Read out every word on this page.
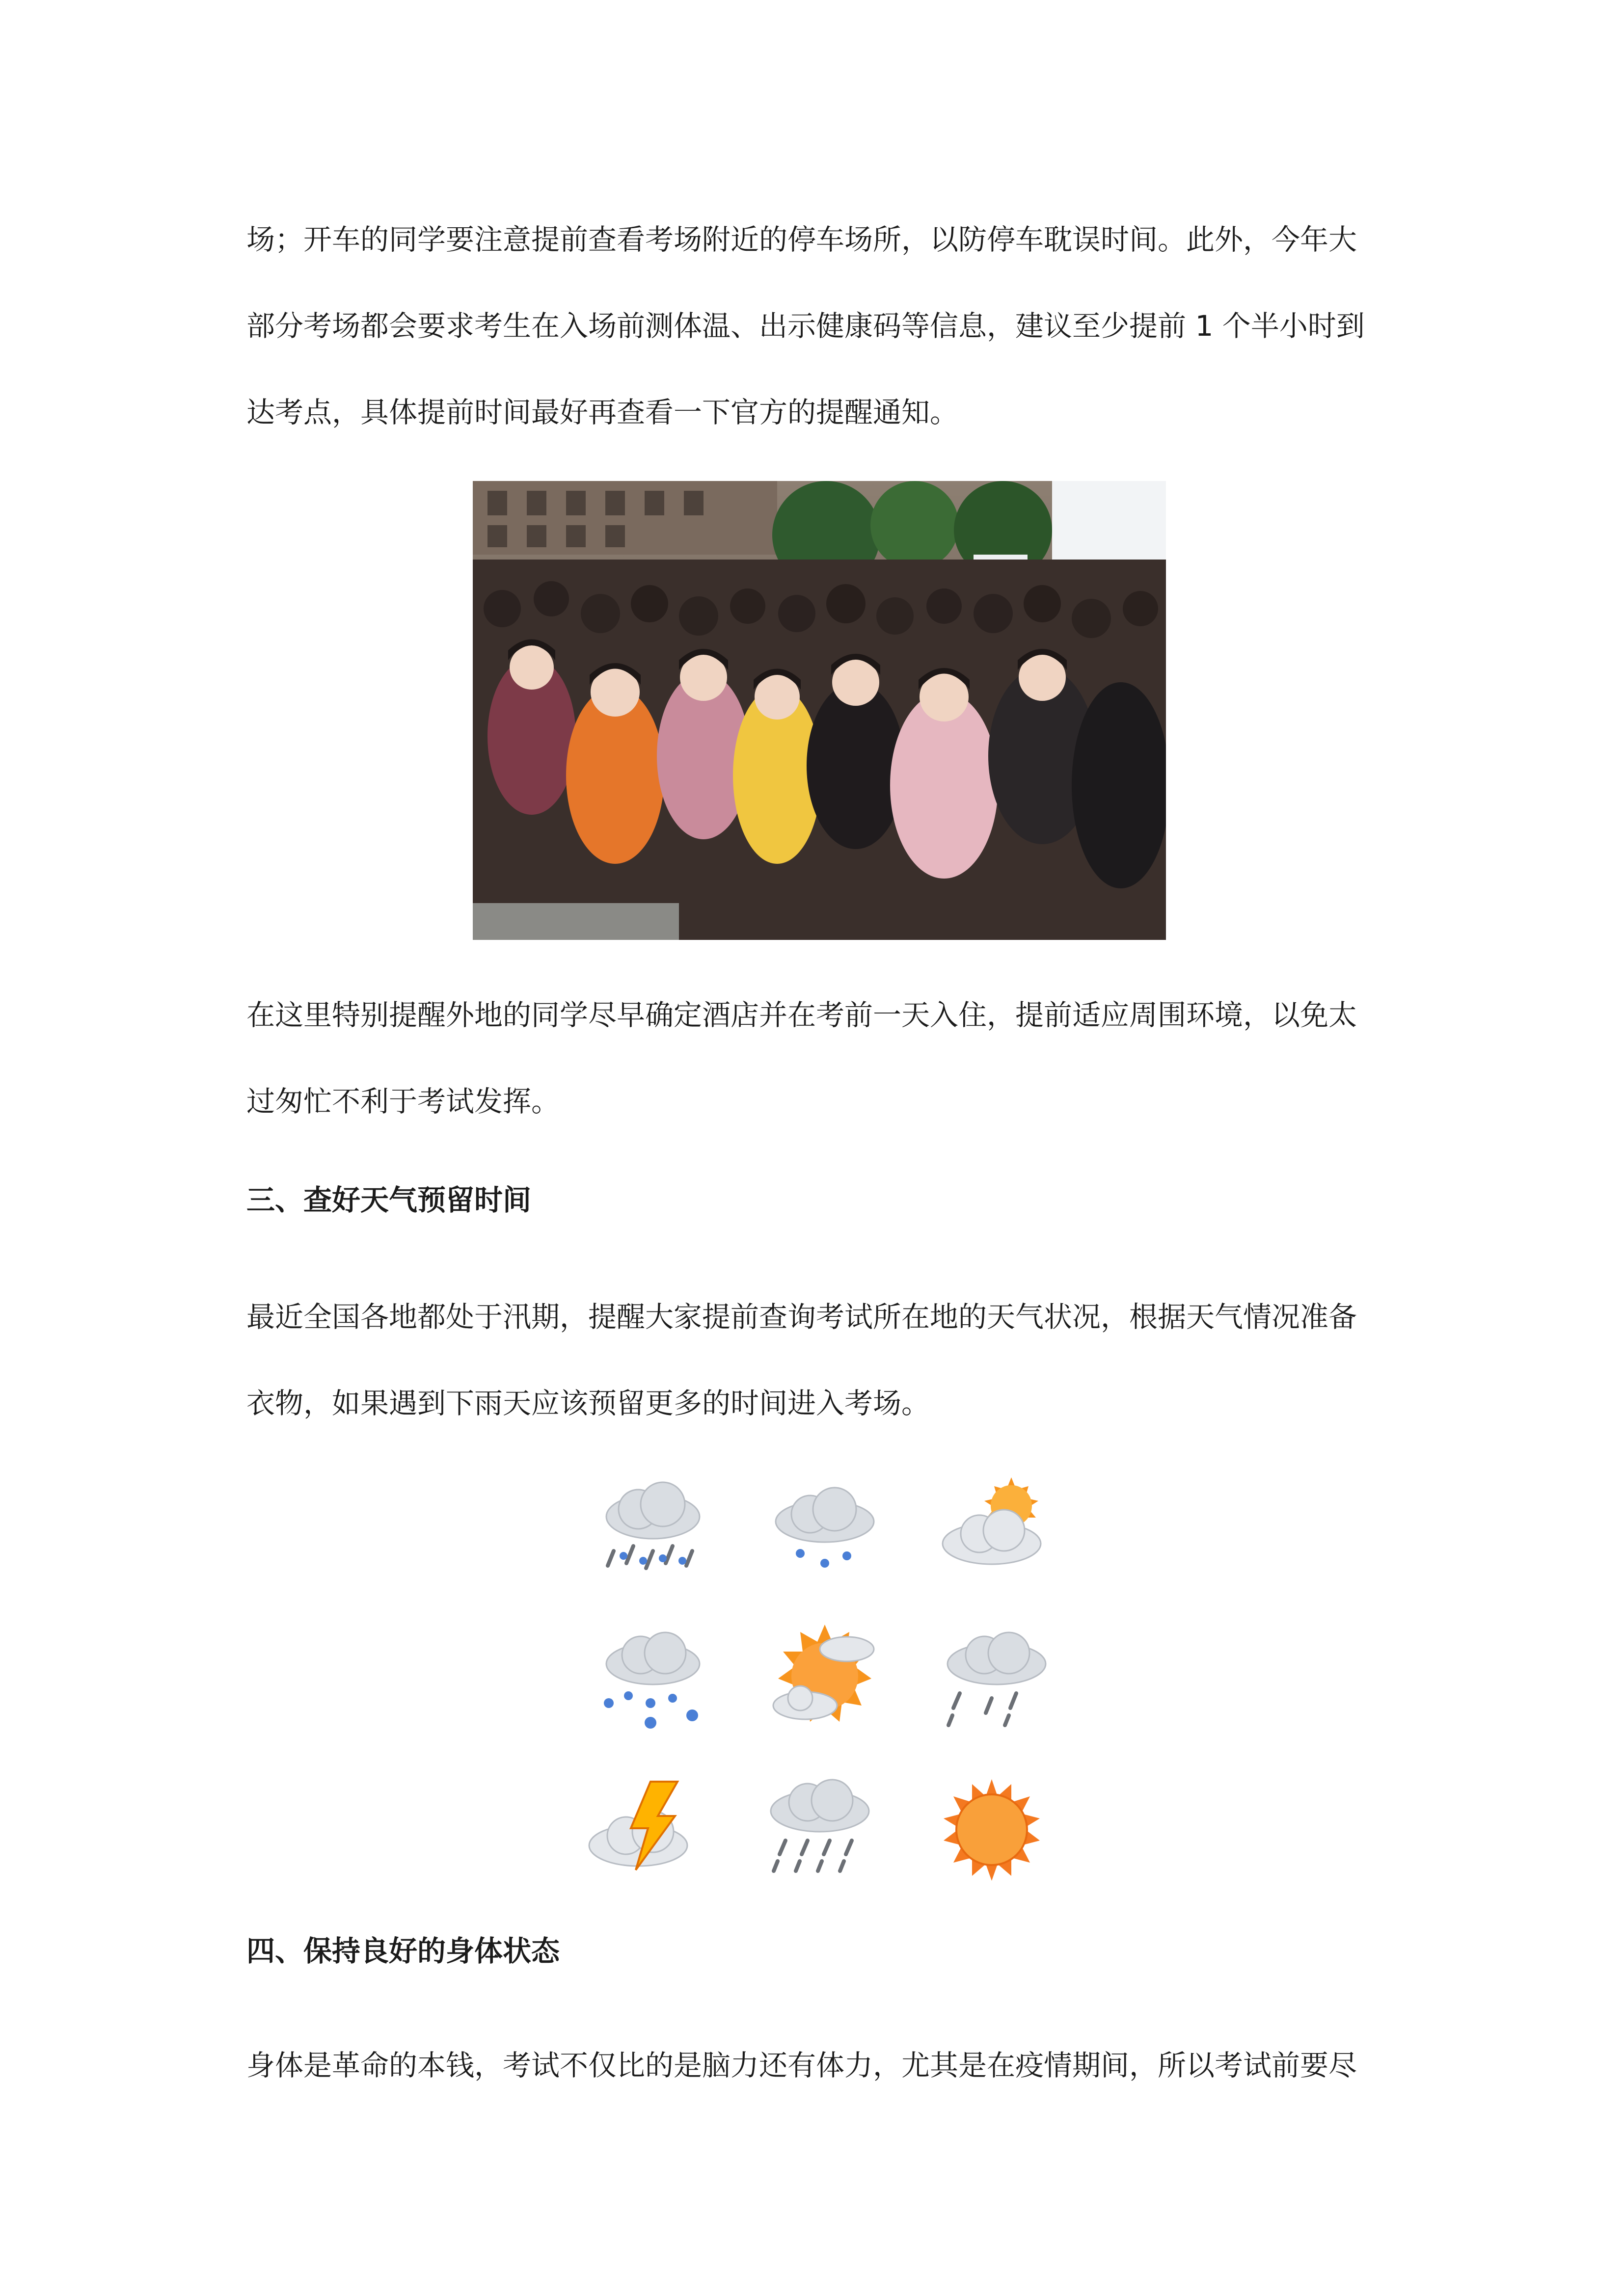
场；开车的同学要注意提前查看考场附近的停车场所，以防停车耽误时间。此外，今年大
部分考场都会要求考生在入场前测体温、出示健康码等信息，建议至少提前 1 个半小时到
达考点，具体提前时间最好再查看一下官方的提醒通知。

在这里特别提醒外地的同学尽早确定酒店并在考前一天入住，提前适应周围环境，以免太
过匆忙不利于考试发挥。

三、查好天气预留时间

最近全国各地都处于汛期，提醒大家提前查询考试所在地的天气状况，根据天气情况准备
衣物，如果遇到下雨天应该预留更多的时间进入考场。

四、保持良好的身体状态

身体是革命的本钱，考试不仅比的是脑力还有体力，尤其是在疫情期间，所以考试前要尽
